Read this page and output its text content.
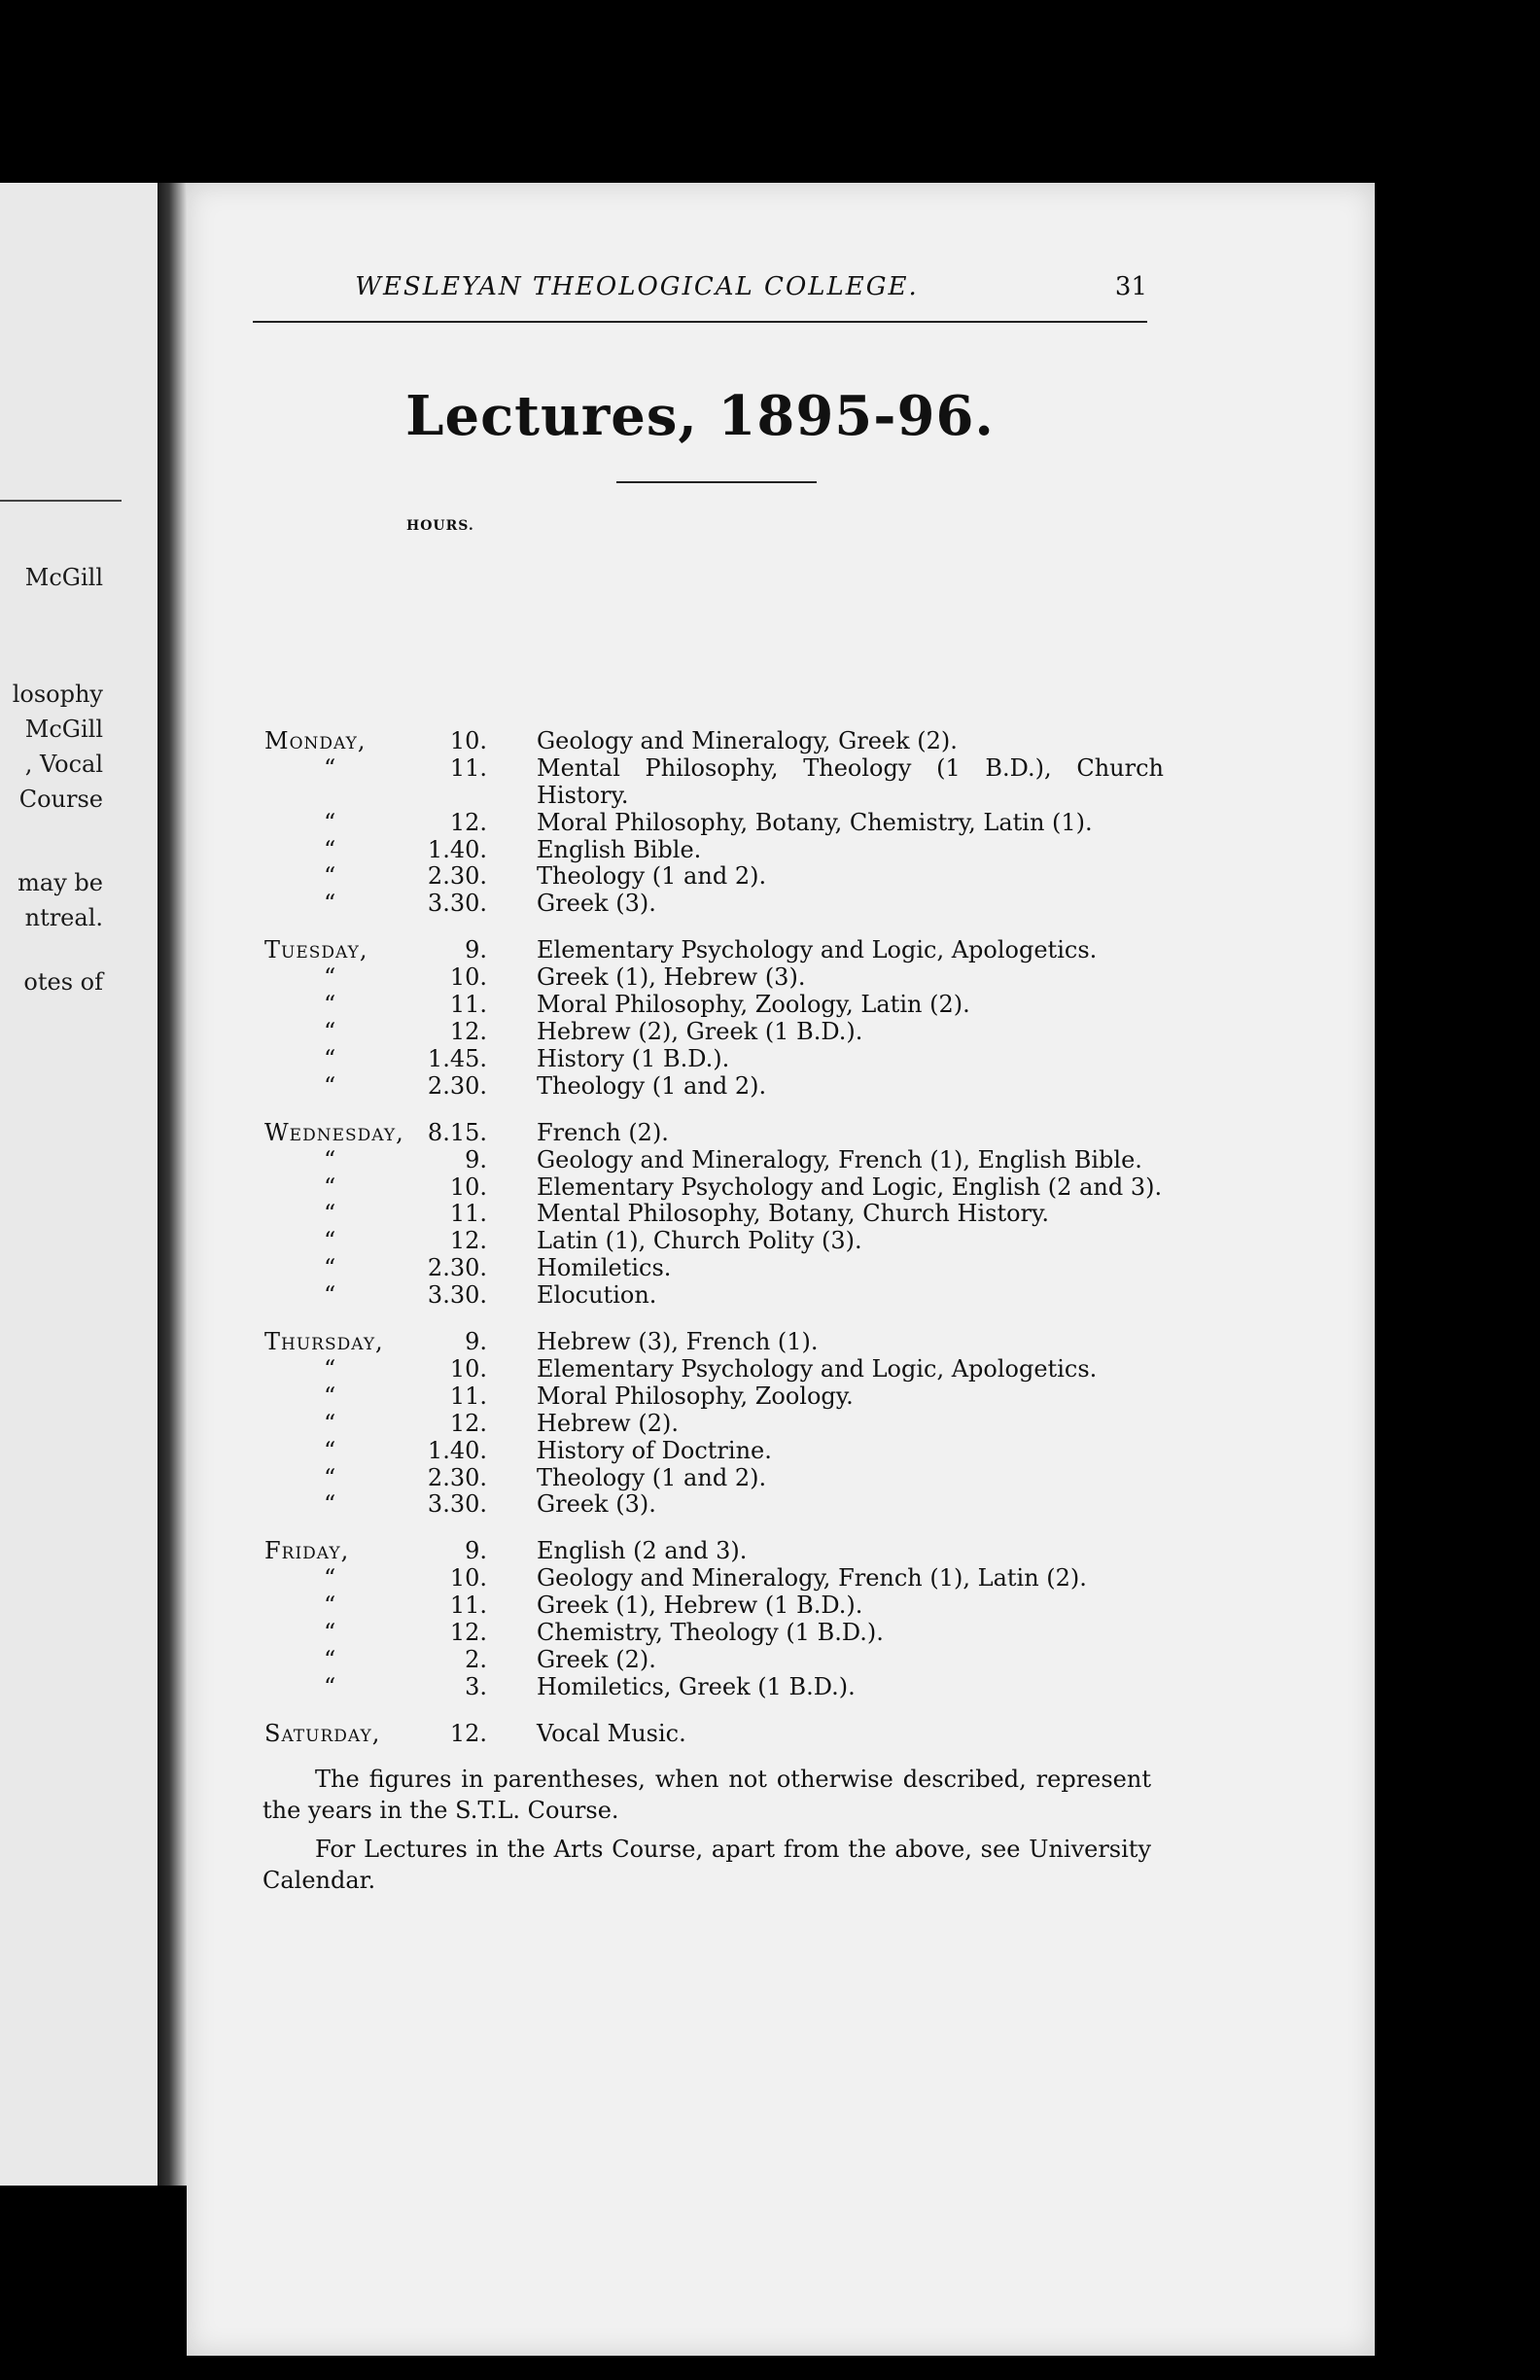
McGill
losophy
McGill
, Vocal
Course
may be
ntreal.
otes of
WESLEYAN THEOLOGICAL COLLEGE.	31
Lectures, 1895-96.
HOURS.
Monday,	10. Geology and Mineralogy, Greek (2).
“	11. Mental Philosophy, Theology (1 B.D.), Church History.
“	12. Moral Philosophy, Botany, Chemistry, Latin (1).
“	1.40. English Bible.
“	2.30. Theology (1 and 2).
“	3.30. Greek (3).
Tuesday,	9. Elementary Psychology and Logic, Apologetics.
“	10. Greek (1), Hebrew (3).
“	11. Moral Philosophy, Zoology, Latin (2).
“	12. Hebrew (2), Greek (1 B.D.).
“	1.45. History (1 B.D.).
“	2.30. Theology (1 and 2).
Wednesday, 8.15. French (2).
“	9. Geology and Mineralogy, French (1), English Bible.
“	10. Elementary Psychology and Logic, English (2 and 3).
“	11. Mental Philosophy, Botany, Church History.
“	12. Latin (1), Church Polity (3).
“	2.30. Homiletics.
“	3.30. Elocution.
Thursday,	9. Hebrew (3), French (1).
“	10. Elementary Psychology and Logic, Apologetics.
“	11. Moral Philosophy, Zoology.
“	12. Hebrew (2).
“	1.40. History of Doctrine.
“	2.30. Theology (1 and 2).
“	3.30. Greek (3).
Friday,	9. English (2 and 3).
“	10. Geology and Mineralogy, French (1), Latin (2).
“	11. Greek (1), Hebrew (1 B.D.).
“	12. Chemistry, Theology (1 B.D.).
“	2. Greek (2).
“	3. Homiletics, Greek (1 B.D.).
Saturday,	12. Vocal Music.
The figures in parentheses, when not otherwise described, represent the years in the S.T.L. Course.
For Lectures in the Arts Course, apart from the above, see University Calendar.
